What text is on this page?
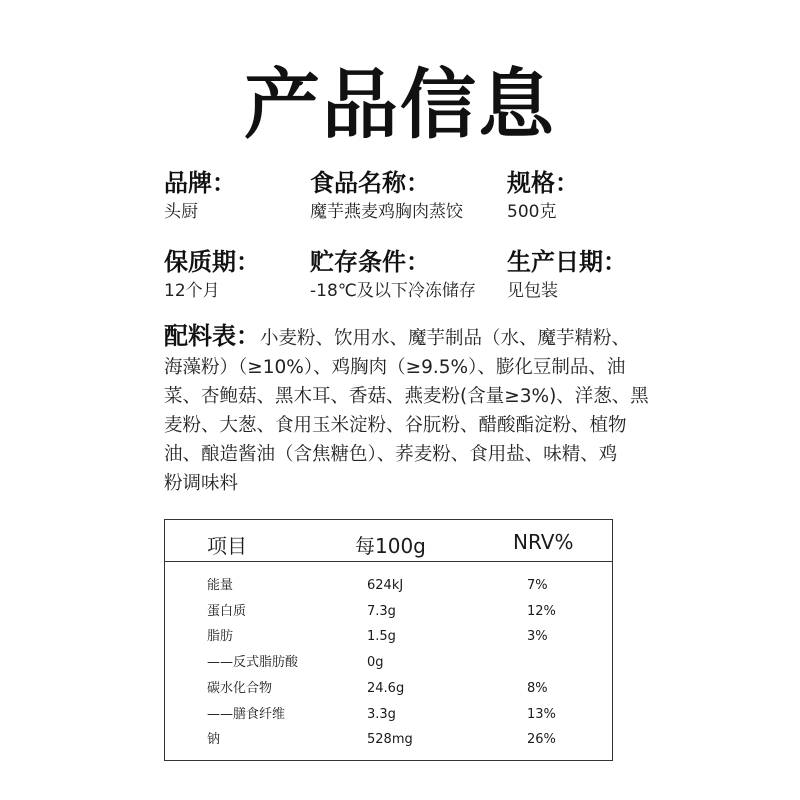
产品信息
品牌：
头厨
食品名称：
魔芋燕麦鸡胸肉蒸饺
规格：
500克
保质期：
12个月
贮存条件：
-18℃及以下冷冻储存
生产日期：
见包装
配料表：小麦粉、饮用水、魔芋制品（水、魔芋精粉、
海藻粉）（≥10%）、鸡胸肉（≥9.5%）、膨化豆制品、油
菜、杏鲍菇、黑木耳、香菇、燕麦粉(含量≥3%)、洋葱、黑
麦粉、大葱、食用玉米淀粉、谷朊粉、醋酸酯淀粉、植物
油、酿造酱油（含焦糖色）、荞麦粉、食用盐、味精、鸡
粉调味料
项目	每100g	NRV%
能量	624kJ	7%
蛋白质	7.3g	12%
脂肪	1.5g	3%
——反式脂肪酸	0g
碳水化合物	24.6g	8%
——膳食纤维	3.3g	13%
钠	528mg	26%
